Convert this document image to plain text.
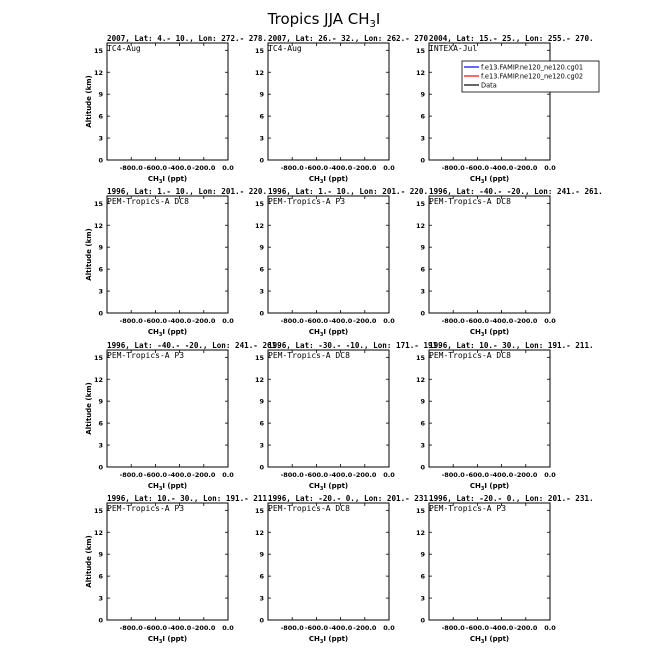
Tropics JJA $CH_3I$
2007, Lat: 4.- 10., Lon: 272.- 278.
TC4-Aug
0
3
6
9
12
15
-800.0 -600.0 -400.0 -200.0 0.0
$CH_3I$ (ppt)
Altitude (km)
2007, Lat: 26.- 32., Lon: 262.- 270.
TC4-Aug
0
3
6
9
12
15
-800.0 -600.0 -400.0 -200.0 0.0
$CH_3I$ (ppt)
2004, Lat: 15.- 25., Lon: 255.- 270.
INTEXA-Jul
0
3
6
9
12
15
-800.0 -600.0 -400.0 -200.0 0.0
$CH_3I$ (ppt)
1996, Lat: 1.- 10., Lon: 201.- 220.
PEM-Tropics-A DC8
0
3
6
9
12
15
-800.0 -600.0 -400.0 -200.0 0.0
$CH_3I$ (ppt)
Altitude (km)
1996, Lat: 1.- 10., Lon: 201.- 220.
PEM-Tropics-A P3
0
3
6
9
12
15
-800.0 -600.0 -400.0 -200.0 0.0
$CH_3I$ (ppt)
1996, Lat: -40.- -20., Lon: 241.- 261.
PEM-Tropics-A DC8
0
3
6
9
12
15
-800.0 -600.0 -400.0 -200.0 0.0
$CH_3I$ (ppt)
1996, Lat: -40.- -20., Lon: 241.- 261.
PEM-Tropics-A P3
0
3
6
9
12
15
-800.0 -600.0 -400.0 -200.0 0.0
$CH_3I$ (ppt)
Altitude (km)
1996, Lat: -30.- -10., Lon: 171.- 191.
PEM-Tropics-A DC8
0
3
6
9
12
15
-800.0 -600.0 -400.0 -200.0 0.0
$CH_3I$ (ppt)
1996, Lat: 10.- 30., Lon: 191.- 211.
PEM-Tropics-A DC8
0
3
6
9
12
15
-800.0 -600.0 -400.0 -200.0 0.0
$CH_3I$ (ppt)
1996, Lat: 10.- 30., Lon: 191.- 211.
PEM-Tropics-A P3
0
3
6
9
12
15
-800.0 -600.0 -400.0 -200.0 0.0
$CH_3I$ (ppt)
Altitude (km)
1996, Lat: -20.- 0., Lon: 201.- 231.
PEM-Tropics-A DC8
0
3
6
9
12
15
-800.0 -600.0 -400.0 -200.0 0.0
$CH_3I$ (ppt)
1996, Lat: -20.- 0., Lon: 201.- 231.
PEM-Tropics-A P3
0
3
6
9
12
15
-800.0 -600.0 -400.0 -200.0 0.0
$CH_3I$ (ppt)
f.e13.FAMIP.ne120_ne120.cg01
f.e13.FAMIP.ne120_ne120.cg02
Data
